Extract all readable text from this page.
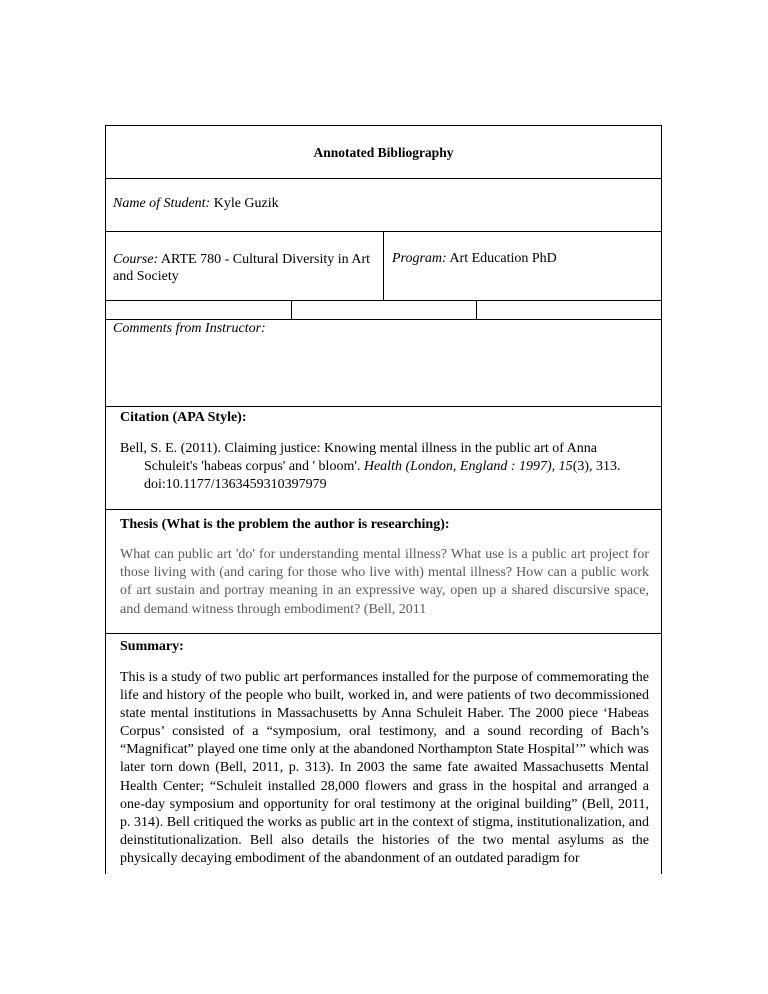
Annotated Bibliography
Name of Student: Kyle Guzik
Course: ARTE 780 - Cultural Diversity in Art and Society
Program: Art Education PhD
Comments from Instructor:
Citation (APA Style):
Bell, S. E. (2011). Claiming justice: Knowing mental illness in the public art of Anna Schuleit's 'habeas corpus' and ' bloom'. Health (London, England : 1997), 15(3), 313. doi:10.1177/1363459310397979
Thesis (What is the problem the author is researching):
What can public art 'do' for understanding mental illness? What use is a public art project for those living with (and caring for those who live with) mental illness? How can a public work of art sustain and portray meaning in an expressive way, open up a shared discursive space, and demand witness through embodiment? (Bell, 2011
Summary:
This is a study of two public art performances installed for the purpose of commemorating the life and history of the people who built, worked in, and were patients of two decommissioned state mental institutions in Massachusetts by Anna Schuleit Haber. The 2000 piece ‘Habeas Corpus’ consisted of a “symposium, oral testimony, and a sound recording of Bach’s “Magnificat” played one time only at the abandoned Northampton State Hospital’” which was later torn down (Bell, 2011, p. 313). In 2003 the same fate awaited Massachusetts Mental Health Center; “Schuleit installed 28,000 flowers and grass in the hospital and arranged a one-day symposium and opportunity for oral testimony at the original building” (Bell, 2011, p. 314). Bell critiqued the works as public art in the context of stigma, institutionalization, and deinstitutionalization. Bell also details the histories of the two mental asylums as the physically decaying embodiment of the abandonment of an outdated paradigm for
